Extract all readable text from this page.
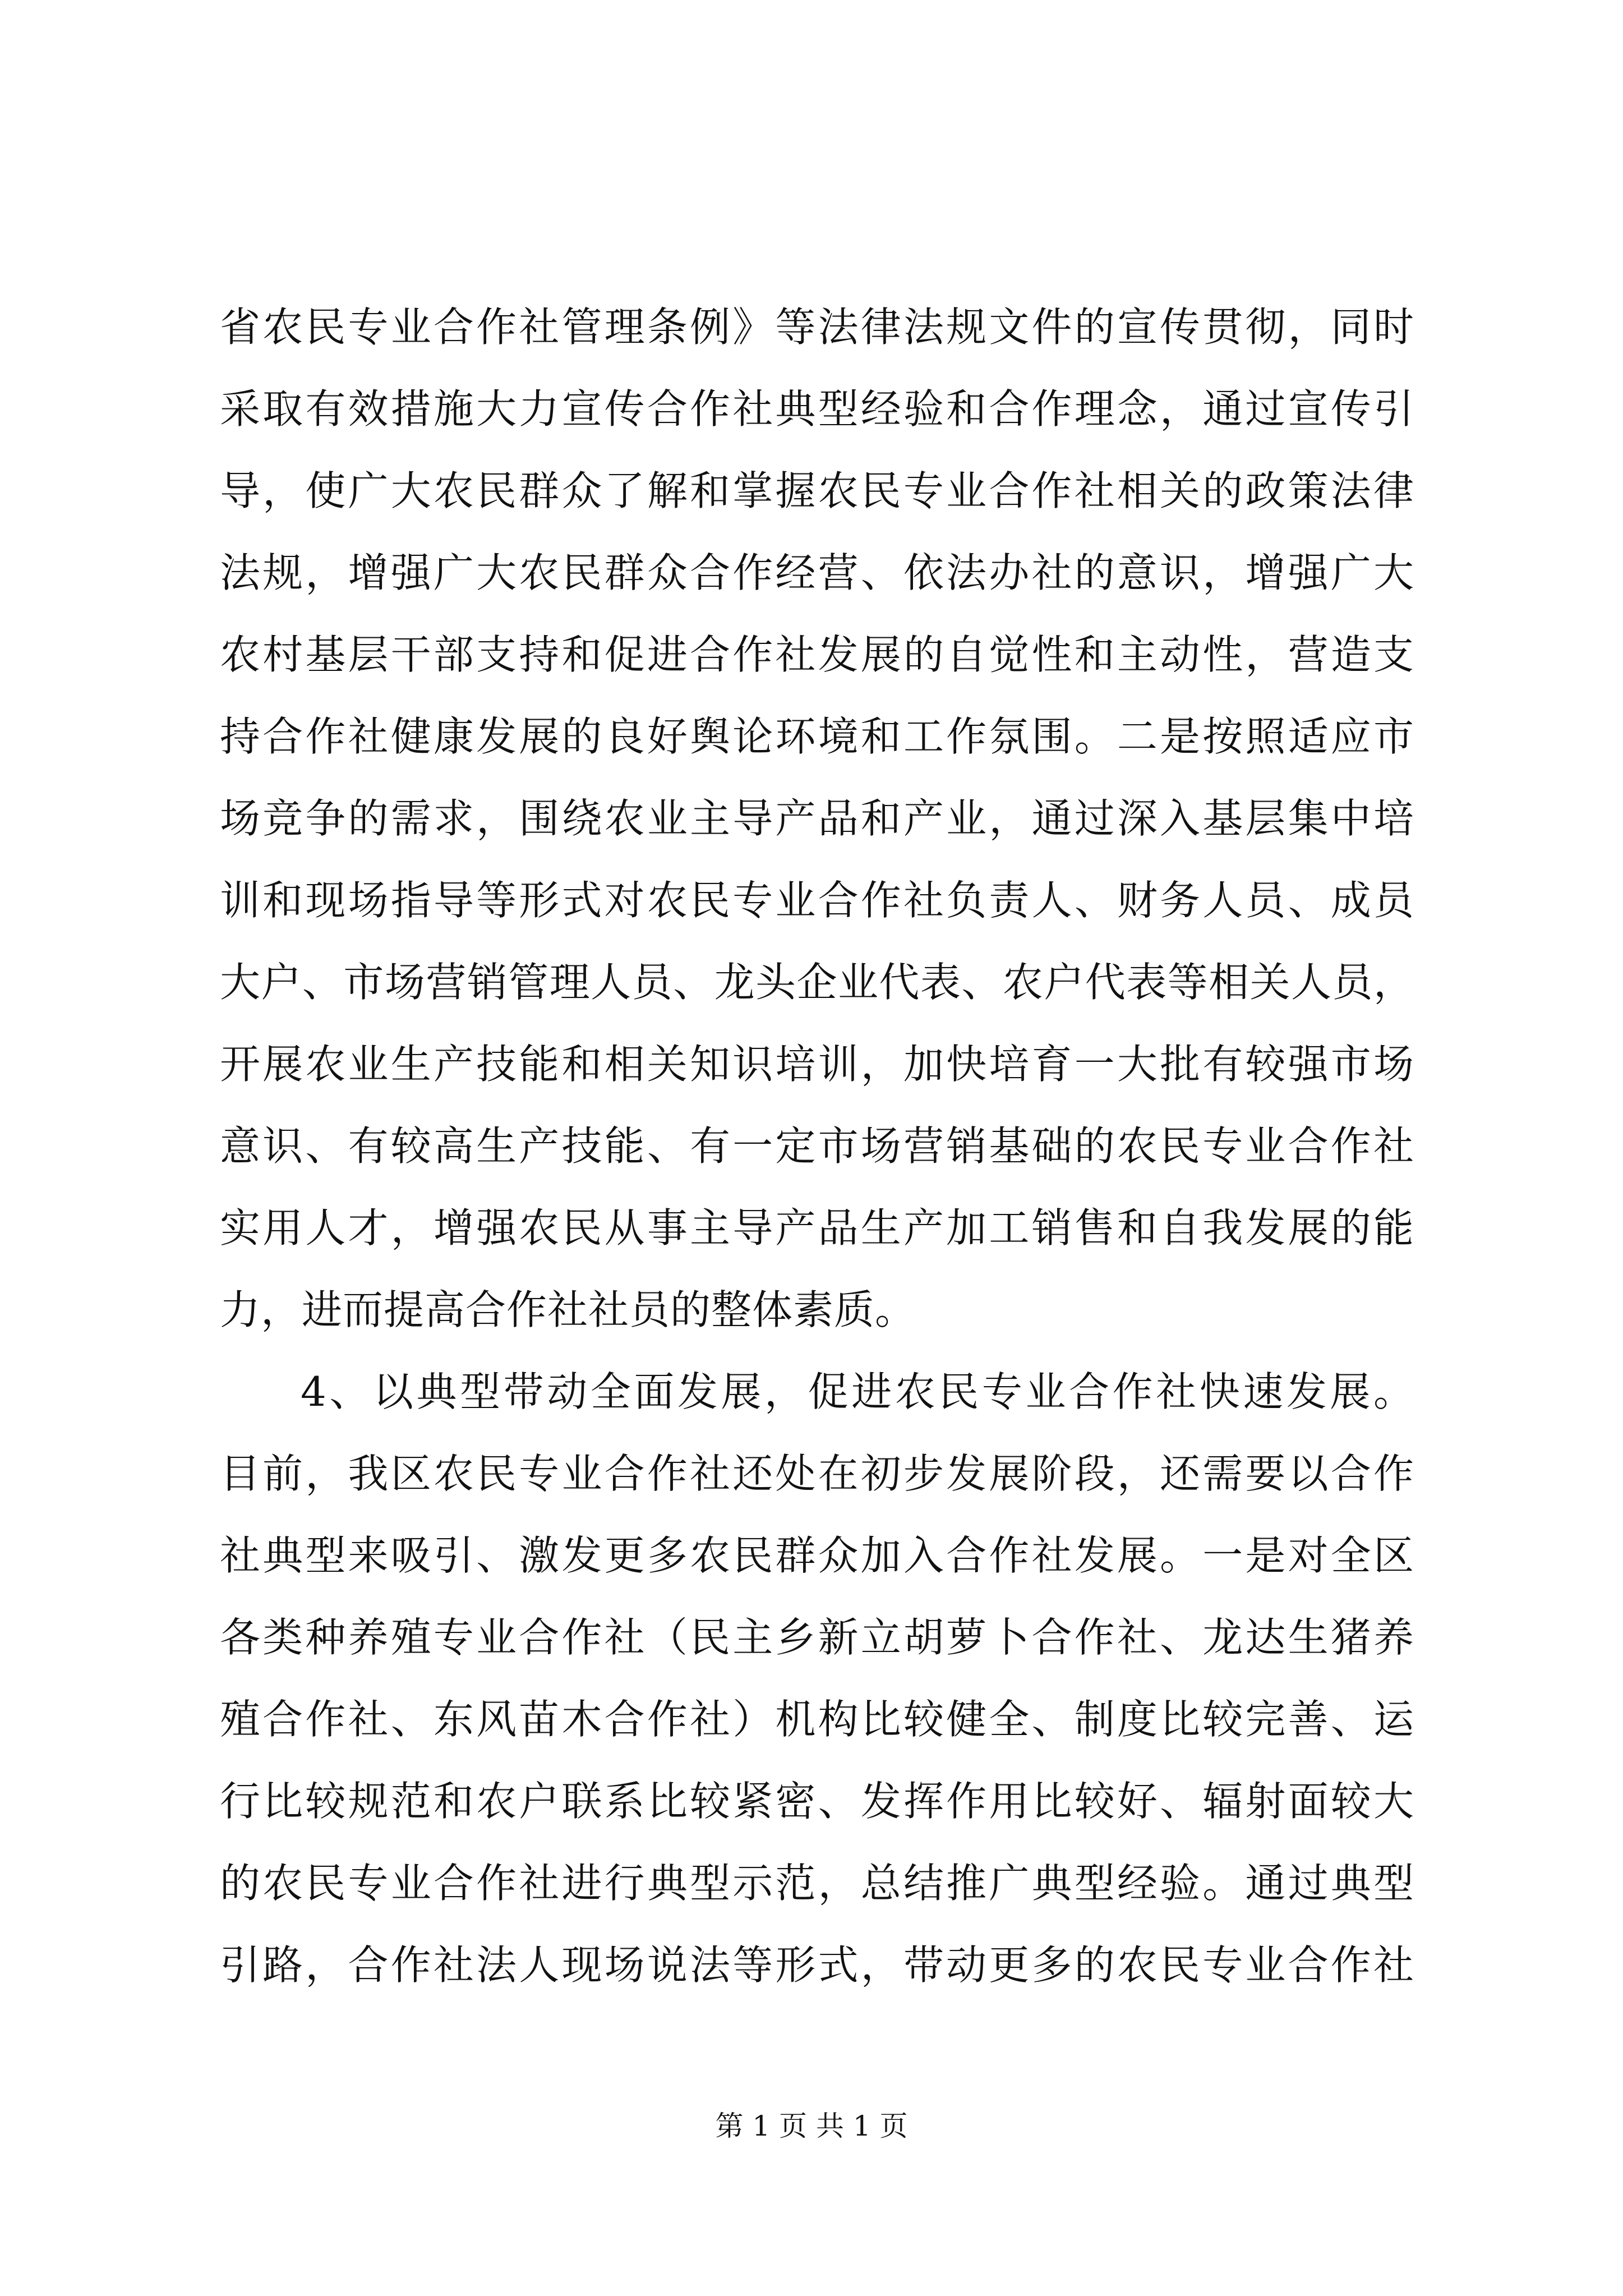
省农民专业合作社管理条例》等法律法规文件的宣传贯彻，同时
采取有效措施大力宣传合作社典型经验和合作理念，通过宣传引
导，使广大农民群众了解和掌握农民专业合作社相关的政策法律
法规，增强广大农民群众合作经营、依法办社的意识，增强广大
农村基层干部支持和促进合作社发展的自觉性和主动性，营造支
持合作社健康发展的良好舆论环境和工作氛围。二是按照适应市
场竞争的需求，围绕农业主导产品和产业，通过深入基层集中培
训和现场指导等形式对农民专业合作社负责人、财务人员、成员
大户、市场营销管理人员、龙头企业代表、农户代表等相关人员，
开展农业生产技能和相关知识培训，加快培育一大批有较强市场
意识、有较高生产技能、有一定市场营销基础的农民专业合作社
实用人才，增强农民从事主导产品生产加工销售和自我发展的能
力，进而提高合作社社员的整体素质。
4、以典型带动全面发展，促进农民专业合作社快速发展。
目前，我区农民专业合作社还处在初步发展阶段，还需要以合作
社典型来吸引、激发更多农民群众加入合作社发展。一是对全区
各类种养殖专业合作社（民主乡新立胡萝卜合作社、龙达生猪养
殖合作社、东风苗木合作社）机构比较健全、制度比较完善、运
行比较规范和农户联系比较紧密、发挥作用比较好、辐射面较大
的农民专业合作社进行典型示范，总结推广典型经验。通过典型
引路，合作社法人现场说法等形式，带动更多的农民专业合作社
第 1 页 共 1 页
